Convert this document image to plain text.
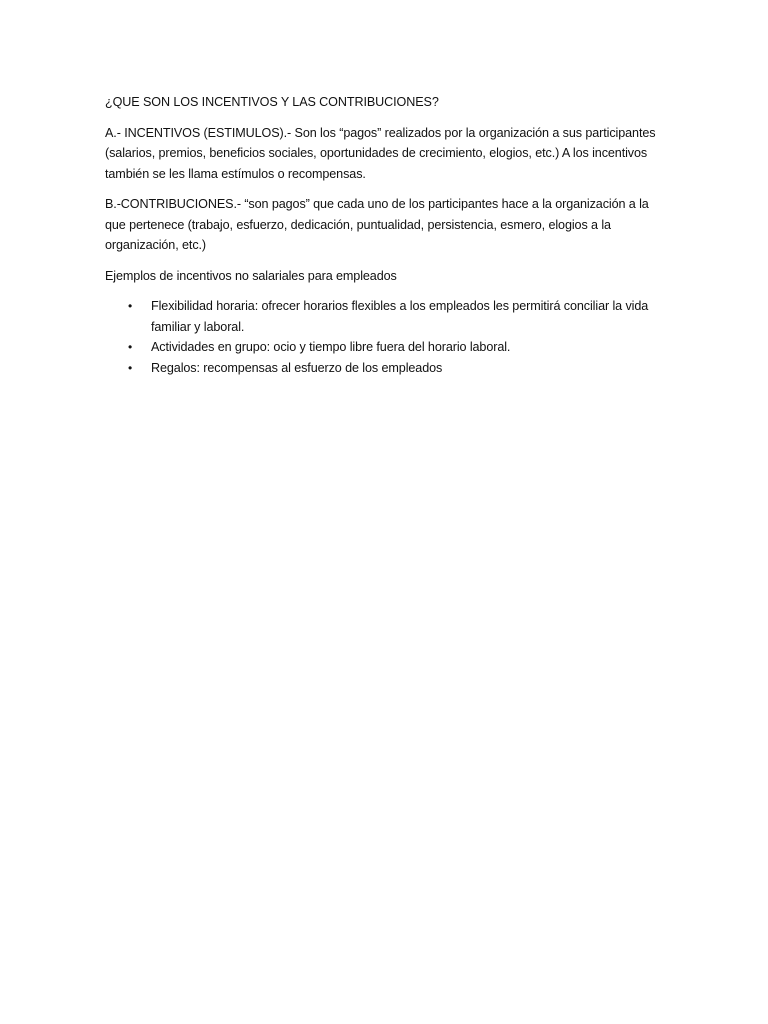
¿QUE SON LOS INCENTIVOS Y LAS CONTRIBUCIONES?

A.- INCENTIVOS (ESTIMULOS).- Son los “pagos” realizados por la organización a sus participantes (salarios, premios, beneficios sociales, oportunidades de crecimiento, elogios, etc.) A los incentivos también se les llama estímulos o recompensas.

B.-CONTRIBUCIONES.- “son pagos” que cada uno de los participantes hace a la organización a la que pertenece (trabajo, esfuerzo, dedicación, puntualidad, persistencia, esmero, elogios a la organización, etc.)

Ejemplos de incentivos no salariales para empleados

• Flexibilidad horaria: ofrecer horarios flexibles a los empleados les permitirá conciliar la vida familiar y laboral.
• Actividades en grupo: ocio y tiempo libre fuera del horario laboral.
• Regalos: recompensas al esfuerzo de los empleados
